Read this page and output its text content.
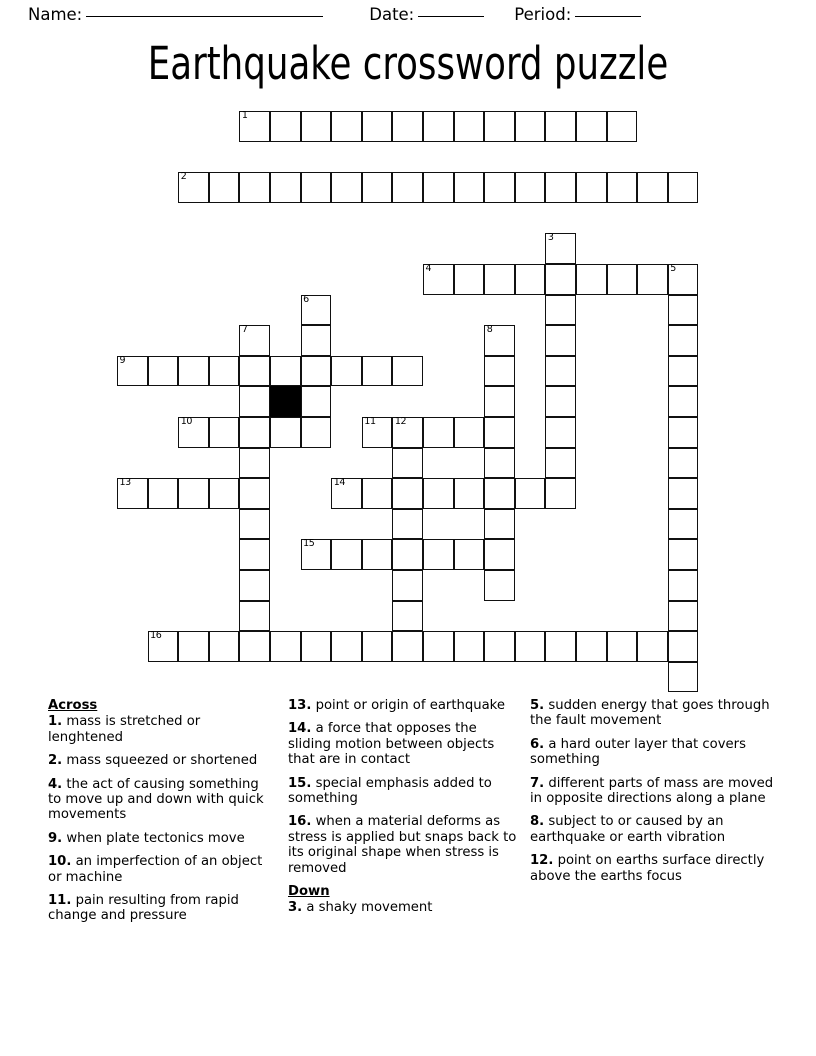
Name:	Date:	Period:
Earthquake crossword puzzle
1
2
3
4	5
6
7	8
9
10	11 12
13	14
15
16
Across
1. mass is stretched or lenghtened
2. mass squeezed or shortened
4. the act of causing something to move up and down with quick movements
9. when plate tectonics move
10. an imperfection of an object or machine
11. pain resulting from rapid change and pressure
13. point or origin of earthquake
14. a force that opposes the sliding motion between objects that are in contact
15. special emphasis added to something
16. when a material deforms as stress is applied but snaps back to its original shape when stress is removed
Down
3. a shaky movement
5. sudden energy that goes through the fault movement
6. a hard outer layer that covers something
7. different parts of mass are moved in opposite directions along a plane
8. subject to or caused by an earthquake or earth vibration
12. point on earths surface directly above the earths focus
